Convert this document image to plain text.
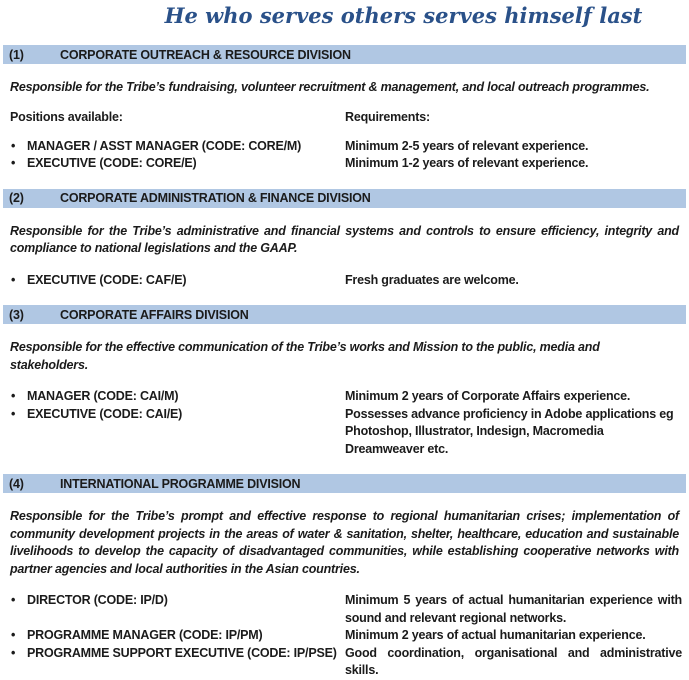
He who serves others serves himself last
(1)	CORPORATE OUTREACH & RESOURCE DIVISION
Responsible for the Tribe’s fundraising, volunteer recruitment & management, and local outreach programmes.
Positions available:	Requirements:
•
MANAGER / ASST MANAGER (CODE: CORE/M)	Minimum 2-5 years of relevant experience.
•
EXECUTIVE (CODE: CORE/E)	Minimum 1-2 years of relevant experience.
(2)	CORPORATE ADMINISTRATION & FINANCE DIVISION
Responsible for the Tribe’s administrative and financial systems and controls to ensure efficiency, integrity and compliance to national legislations and the GAAP.
•
EXECUTIVE (CODE: CAF/E)	Fresh graduates are welcome.
(3)	CORPORATE AFFAIRS DIVISION
Responsible for the effective communication of the Tribe’s works and Mission to the public, media and stakeholders.
•
MANAGER (CODE: CAI/M)	Minimum 2 years of Corporate Affairs experience.
•
EXECUTIVE (CODE: CAI/E)	Possesses advance proficiency in Adobe applications eg Photoshop, Illustrator, Indesign, Macromedia Dreamweaver etc.
(4)	INTERNATIONAL PROGRAMME DIVISION
Responsible for the Tribe’s prompt and effective response to regional humanitarian crises; implementation of community development projects in the areas of water & sanitation, shelter, healthcare, education and sustainable livelihoods to develop the capacity of disadvantaged communities, while establishing cooperative networks with partner agencies and local authorities in the Asian countries.
•
DIRECTOR (CODE: IP/D)	Minimum 5 years of actual humanitarian experience with sound and relevant regional networks.
•
PROGRAMME MANAGER (CODE: IP/PM)	Minimum 2 years of actual humanitarian experience.
•
PROGRAMME SUPPORT EXECUTIVE (CODE: IP/PSE) Good coordination, organisational and administrative skills.
